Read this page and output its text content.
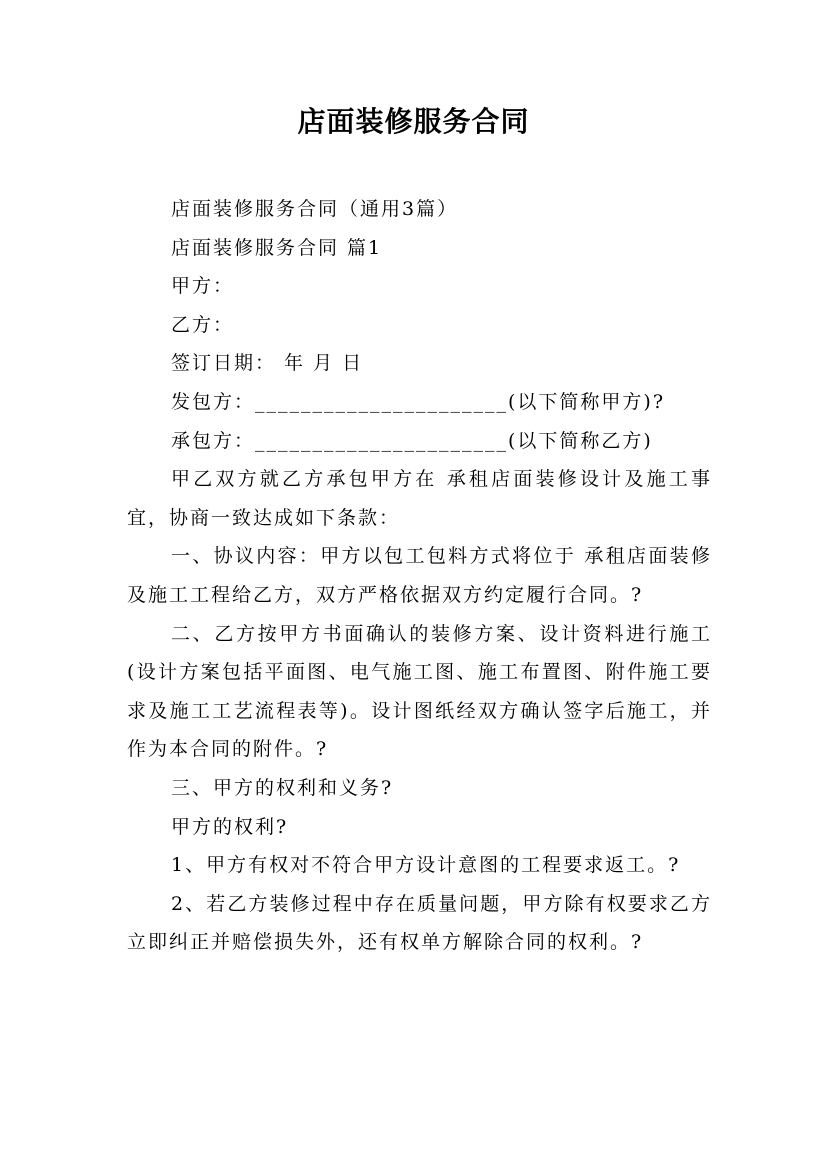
店面装修服务合同

店面装修服务合同（通用3篇）

店面装修服务合同 篇1

甲方：

乙方：

签订日期： 年 月 日

发包方：______________________(以下简称甲方)?

承包方：______________________(以下简称乙方)

甲乙双方就乙方承包甲方在 承租店面装修设计及施工事宜，协商一致达成如下条款：

一、协议内容：甲方以包工包料方式将位于 承租店面装修及施工工程给乙方，双方严格依据双方约定履行合同。?

二、乙方按甲方书面确认的装修方案、设计资料进行施工(设计方案包括平面图、电气施工图、施工布置图、附件施工要求及施工工艺流程表等)。设计图纸经双方确认签字后施工，并作为本合同的附件。?

三、甲方的权利和义务?

甲方的权利?

1、甲方有权对不符合甲方设计意图的工程要求返工。?

2、若乙方装修过程中存在质量问题，甲方除有权要求乙方立即纠正并赔偿损失外，还有权单方解除合同的权利。?
